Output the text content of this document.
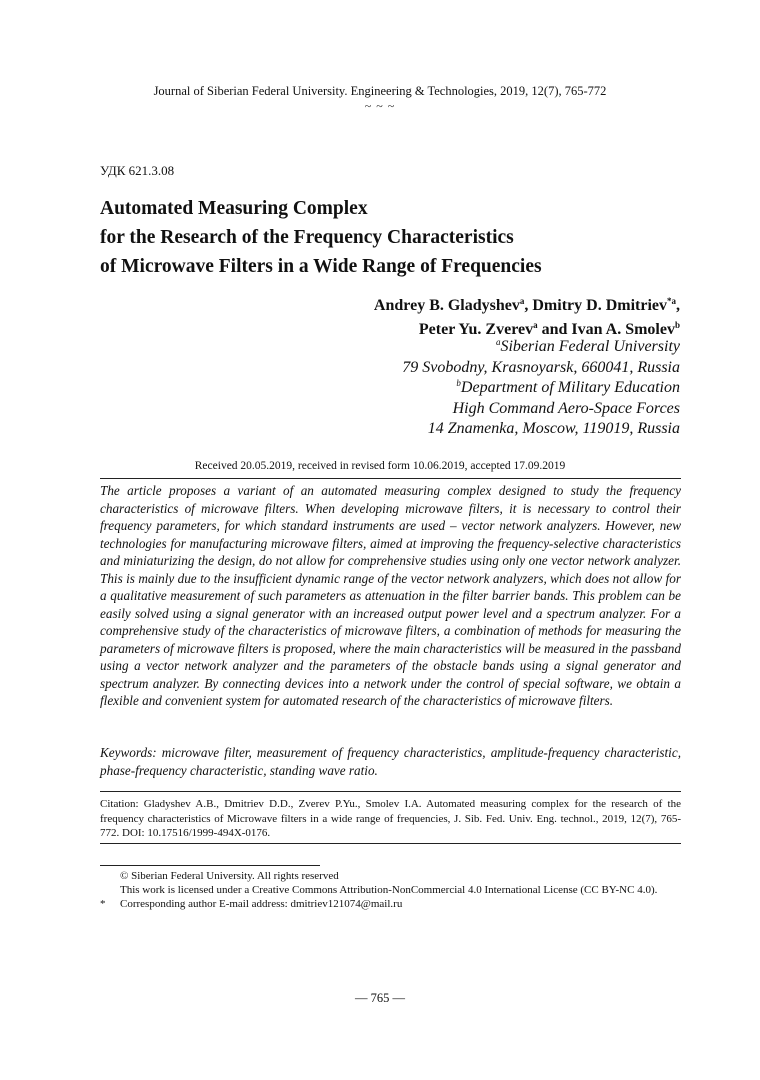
Journal of Siberian Federal University. Engineering & Technologies, 2019, 12(7), 765-772
~ ~ ~
УДК 621.3.08
Automated Measuring Complex
for the Research of the Frequency Characteristics
of Microwave Filters in a Wide Range of Frequencies
Andrey B. Gladyshev$^a$, Dmitry D. Dmitriev$^{*a}$,
Peter Yu. Zverev$^a$ and Ivan A. Smolev$^b$
$^a$Siberian Federal University
79 Svobodny, Krasnoyarsk, 660041, Russia
$^b$Department of Military Education
High Command Aero-Space Forces
14 Znamenka, Moscow, 119019, Russia
Received 20.05.2019, received in revised form 10.06.2019, accepted 17.09.2019
The article proposes a variant of an automated measuring complex designed to study the frequency characteristics of microwave filters. When developing microwave filters, it is necessary to control their frequency parameters, for which standard instruments are used – vector network analyzers. However, new technologies for manufacturing microwave filters, aimed at improving the frequency-selective characteristics and miniaturizing the design, do not allow for comprehensive studies using only one vector network analyzer. This is mainly due to the insufficient dynamic range of the vector network analyzers, which does not allow for a qualitative measurement of such parameters as attenuation in the filter barrier bands. This problem can be easily solved using a signal generator with an increased output power level and a spectrum analyzer. For a comprehensive study of the characteristics of microwave filters, a combination of methods for measuring the parameters of microwave filters is proposed, where the main characteristics will be measured in the passband using a vector network analyzer and the parameters of the obstacle bands using a signal generator and spectrum analyzer. By connecting devices into a network under the control of special software, we obtain a flexible and convenient system for automated research of the characteristics of microwave filters.
Keywords: microwave filter, measurement of frequency characteristics, amplitude-frequency characteristic, phase-frequency characteristic, standing wave ratio.
Citation: Gladyshev A.B., Dmitriev D.D., Zverev P.Yu., Smolev I.A. Automated measuring complex for the research of the frequency characteristics of Microwave filters in a wide range of frequencies, J. Sib. Fed. Univ. Eng. technol., 2019, 12(7), 765-772. DOI: 10.17516/1999-494X-0176.
© Siberian Federal University. All rights reserved
This work is licensed under a Creative Commons Attribution-NonCommercial 4.0 International License (CC BY-NC 4.0).
* Corresponding author E-mail address: dmitriev121074@mail.ru
— 765 —
